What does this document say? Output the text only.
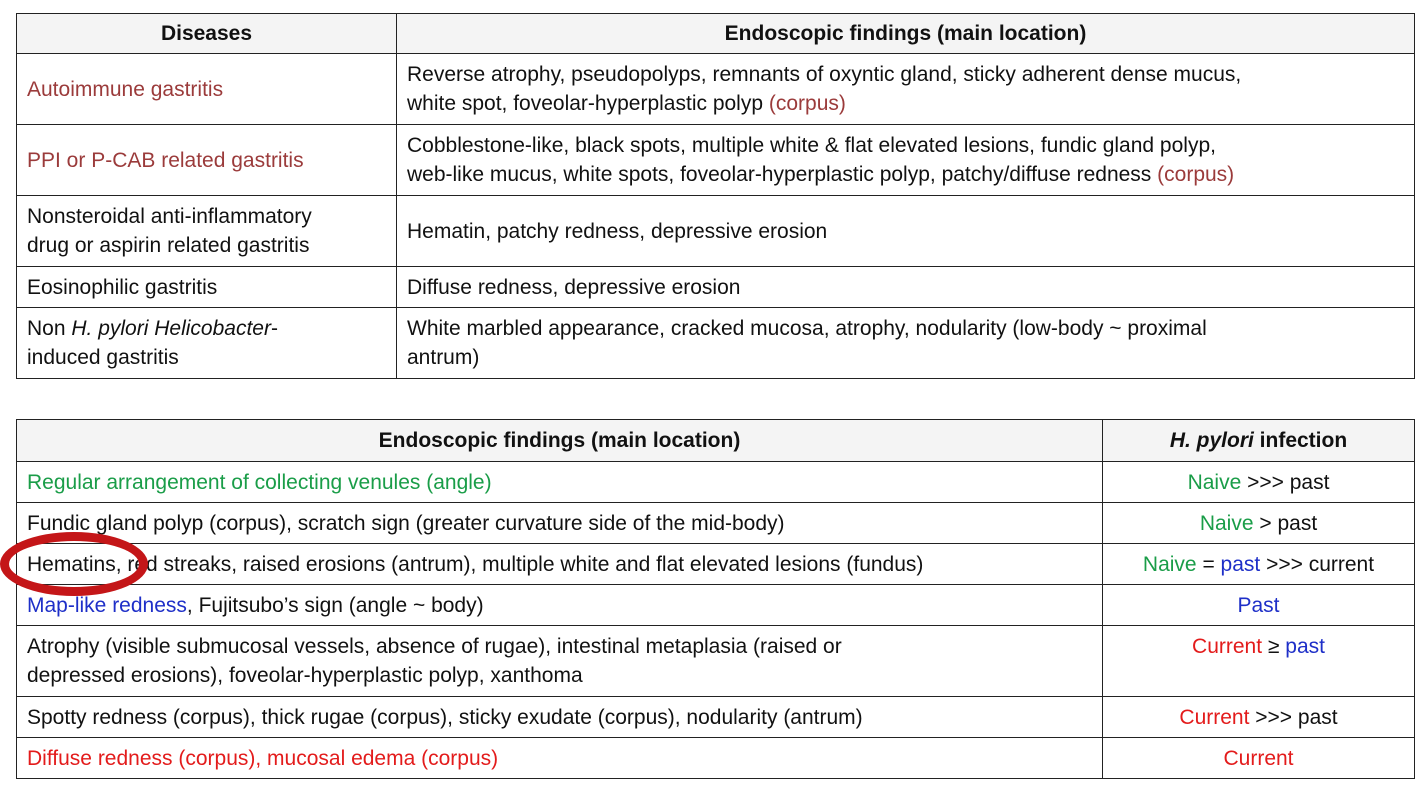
Diseases	Endoscopic findings (main location)
Autoimmune gastritis	Reverse atrophy, pseudopolyps, remnants of oxyntic gland, sticky adherent dense mucus,
white spot, foveolar-hyperplastic polyp (corpus)
PPI or P-CAB related gastritis	Cobblestone-like, black spots, multiple white & flat elevated lesions, fundic gland polyp,
web-like mucus, white spots, foveolar-hyperplastic polyp, patchy/diffuse redness (corpus)
Nonsteroidal anti-inflammatory
drug or aspirin related gastritis	Hematin, patchy redness, depressive erosion
Eosinophilic gastritis	Diffuse redness, depressive erosion
Non H. pylori Helicobacter-
induced gastritis	White marbled appearance, cracked mucosa, atrophy, nodularity (low-body ~ proximal
antrum)
Endoscopic findings (main location)	H. pylori infection
Regular arrangement of collecting venules (angle)	Naive >>> past
Fundic gland polyp (corpus), scratch sign (greater curvature side of the mid-body)	Naive > past
Hematins, red streaks, raised erosions (antrum), multiple white and flat elevated lesions (fundus)	Naive = past >>> current
Map-like redness, Fujitsubo’s sign (angle ~ body)	Past
Atrophy (visible submucosal vessels, absence of rugae), intestinal metaplasia (raised or
depressed erosions), foveolar-hyperplastic polyp, xanthoma	Current ≥ past
Spotty redness (corpus), thick rugae (corpus), sticky exudate (corpus), nodularity (antrum)	Current >>> past
Diffuse redness (corpus), mucosal edema (corpus)	Current
